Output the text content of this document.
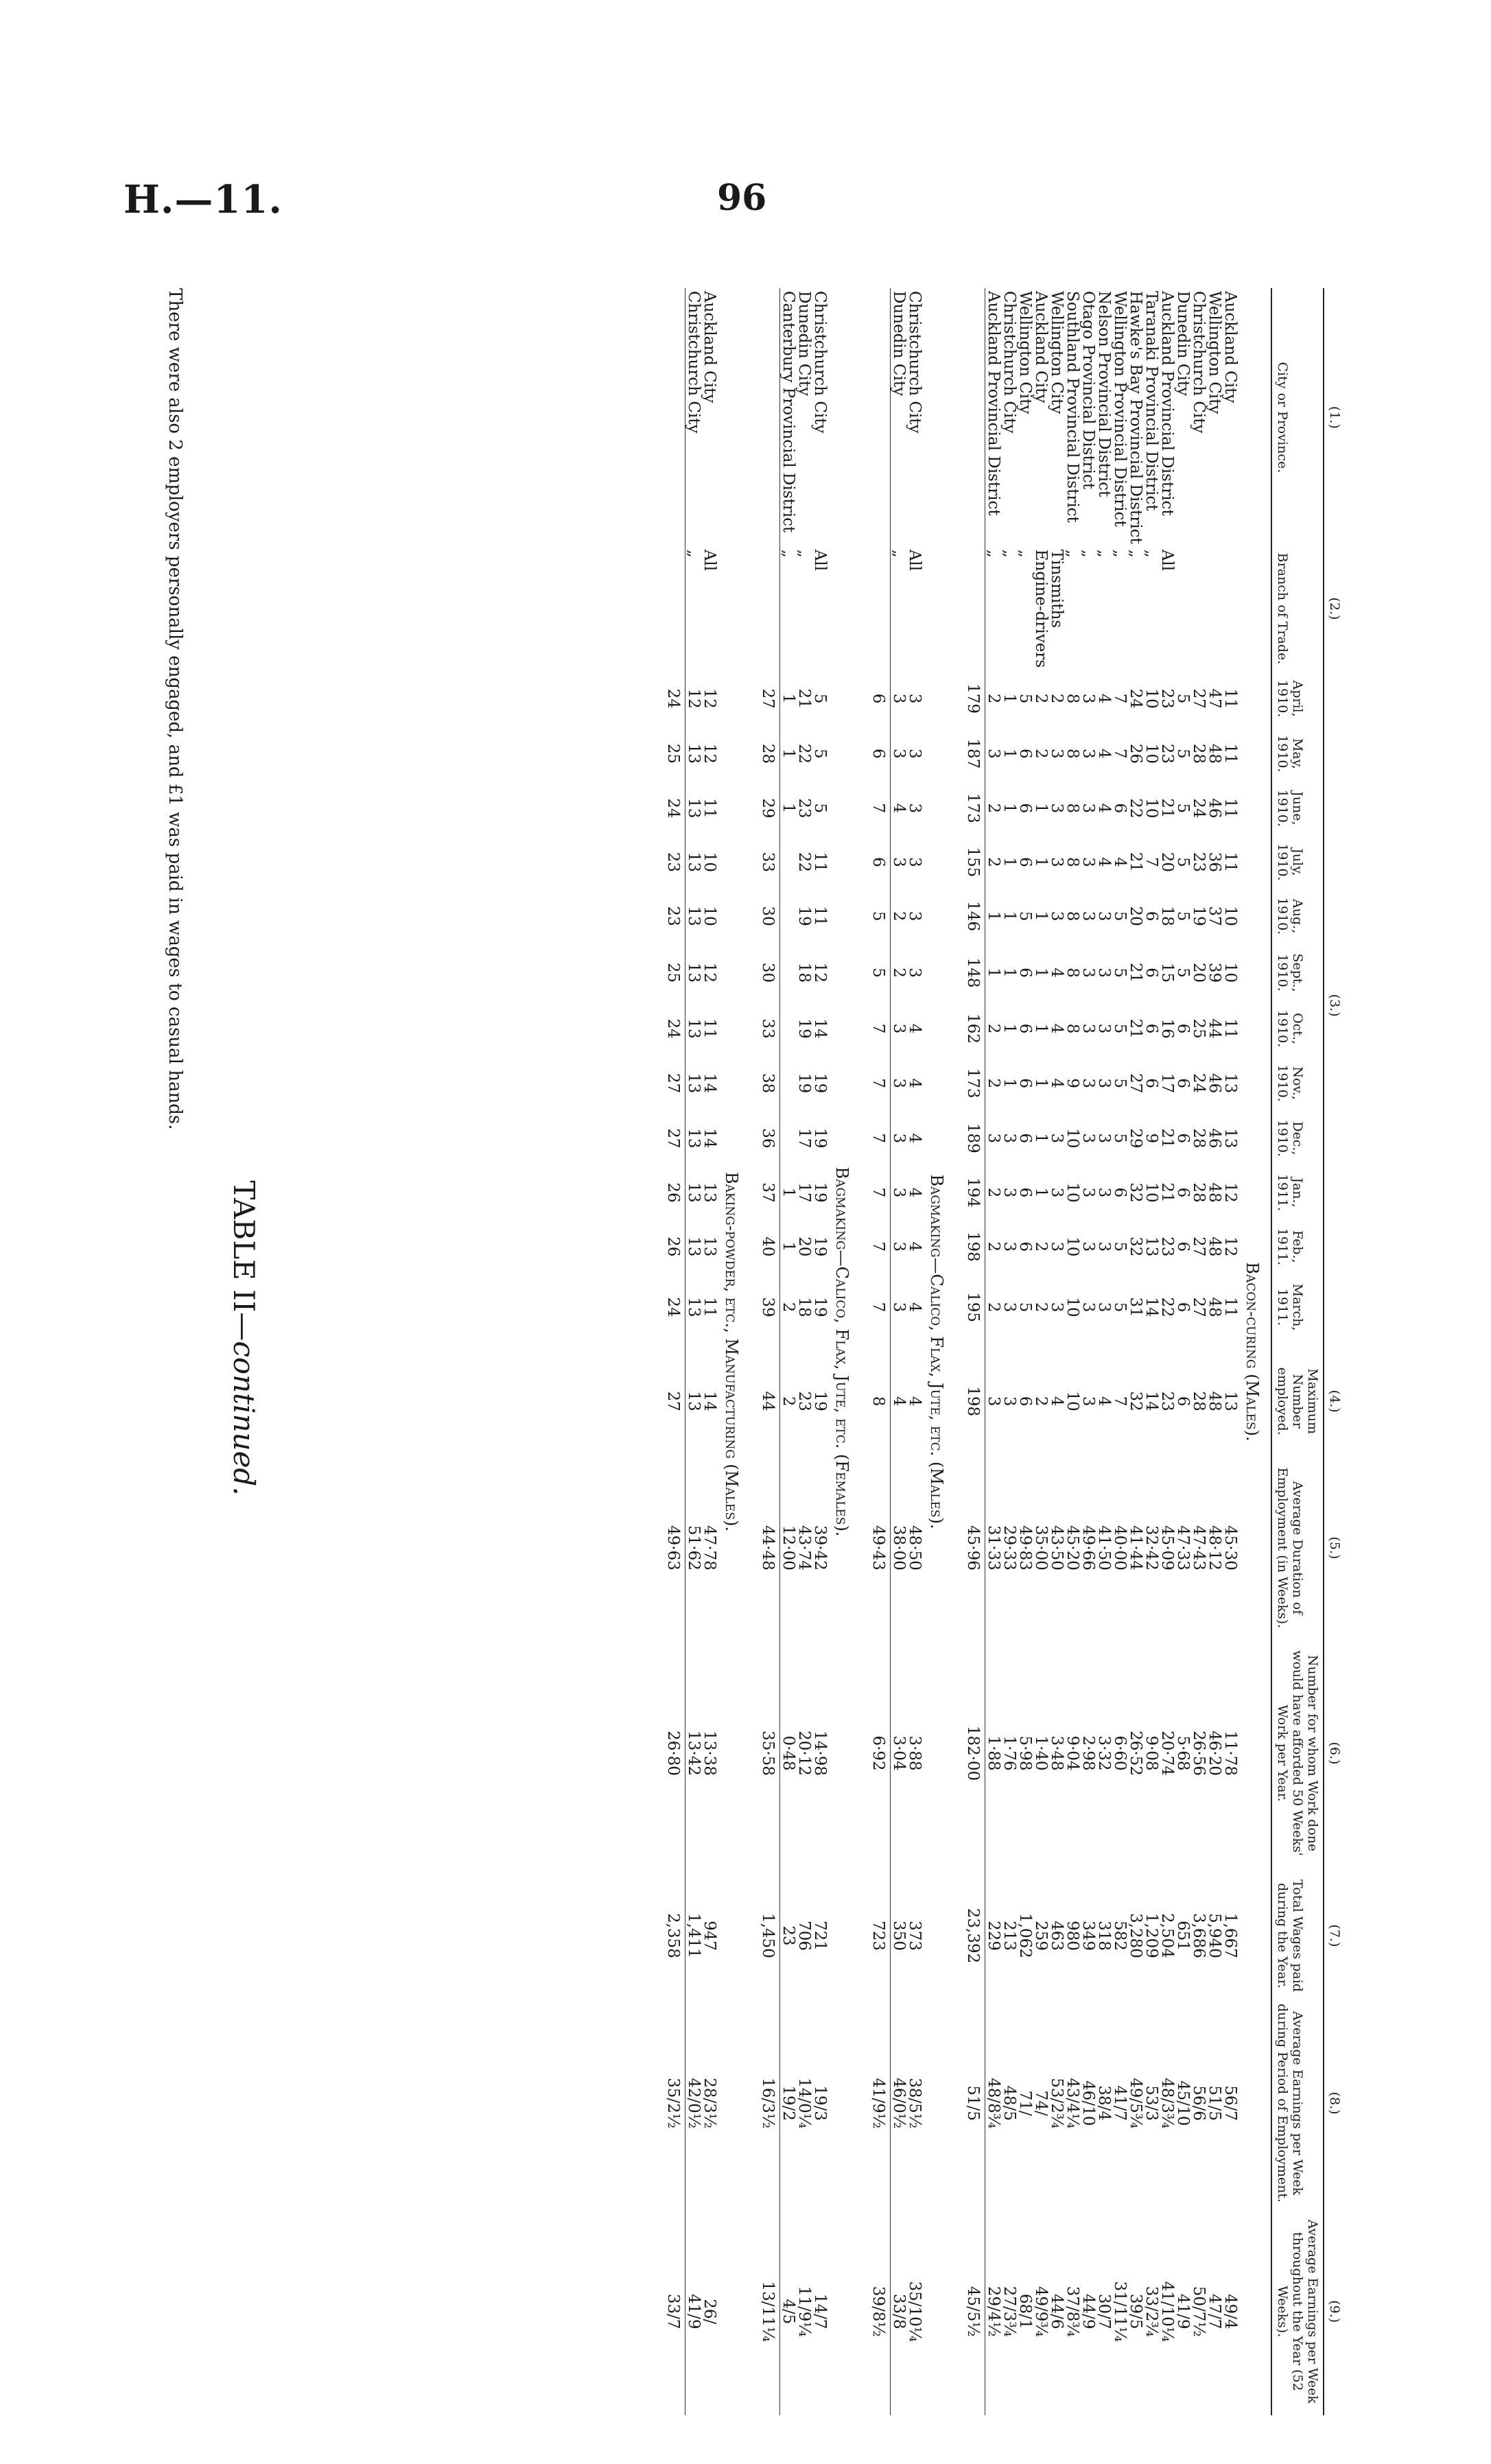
H.—11.	96
TABLE II—continued.
(1.)	(2.)	(3.)												(4.)	(5.)	(6.)	(7.)	(8.)	(9.)
City or Province.	Branch of Trade.	April, 1910.	May, 1910.	June, 1910.	July, 1910.	Aug., 1910.	Sept., 1910.	Oct., 1910.	Nov., 1910.	Dec., 1910.	Jan., 1911.	Feb., 1911.	March, 1911.	Maximum Number employed.	Average Duration of Employment (in Weeks).	Number for whom Work done would have afforded 50 Weeks' Work per Year.	Total Wages paid during the Year.	Average Earnings per Week during Period of Employment.	Average Earnings per Week throughout the Year (52 Weeks).
Bacon-curing (Males).																			
Auckland City		11	11	11	11	10	10	11	13	13	12	12	11	13	45·30	11·78	1,667	56/7	49/4
Wellington City		47	48	46	36	37	39	44	46	46	48	48	48	48	48·12	46·20	5,940	51/5	47/7
Christchurch City		27	28	24	23	19	20	25	24	28	28	27	27	28	47·43	26·56	3,686	56/6	50/7½
Dunedin City		5	5	5	5	5	5	6	6	6	6	6	6	6	47·33	5·68	651	45/10	41/9
Auckland Provincial District	All	23	23	21	20	18	15	16	17	21	21	23	22	23	45·09	20·74	2,504	48/3¾	41/10¼
Taranaki Provincial District	„	10	10	10	7	6	6	6	6	9	10	13	14	14	32·42	9·08	1,209	53/3	33/2¾
Hawke's Bay Provincial District	„	24	26	22	21	20	21	21	27	29	32	32	31	32	41·44	26·52	3,280	49/5¾	39/5
Wellington Provincial District	„	7	7	6	4	5	5	5	5	5	6	5	5	7	40·00	6·60	582	41/7	31/11¼
Nelson Provincial District	„	4	4	4	4	3	3	3	3	3	3	3	3	4	41·50	3·32	318	38/4	30/7
Otago Provincial District	„	3	3	3	3	3	3	3	3	3	3	3	3	3	49·66	2·98	349	46/10	44/9
Southland Provincial District	„	8	8	8	8	8	8	8	9	10	10	10	10	10	45·20	9·04	980	43/4¼	37/8¾
Wellington City	Tinsmiths	2	3	3	3	3	4	4	4	3	3	3	3	4	43·50	3·48	463	53/2¾	44/6
Auckland City	Engine-drivers	2	2	1	1	1	1	1	1	1	1	2	2	2	35·00	1·40	259	74/	49/9¾
Wellington City	„	5	6	6	6	5	6	6	6	6	6	6	5	6	49·83	5·98	1,062	71/	68/1
Christchurch City	„	1	1	1	1	1	1	1	1	3	3	3	3	3	29·33	1·76	213	48/5	27/3¾
Auckland Provincial District	„	2	3	2	2	1	1	2	2	3	2	2	2	3	31·33	1·88	229	48/8¾	29/4½
		179	187	173	155	146	148	162	173	189	194	198	195	198	45·96	182·00	23,392	51/5	45/5½

Bagmaking—Calico, Flax, Jute, etc. (Males).																			
Christchurch City	All	3	3	3	3	3	3	4	4	4	4	4	4	4	48·50	3·88	373	38/5½	35/10¼
Dunedin City	„	3	3	4	3	2	2	3	3	3	3	3	3	4	38·00	3·04	350	46/0½	33/8
		6	6	7	6	5	5	7	7	7	7	7	7	8	49·43	6·92	723	41/9½	39/8½

Bagmaking—Calico, Flax, Jute, etc. (Females).																			
Christchurch City	All	5	5	5	11	11	12	14	19	19	19	19	19	19	39·42	14·98	721	19/3	14/7
Dunedin City	„	21	22	23	22	19	18	19	19	17	17	20	18	23	43·74	20·12	706	14/0¼	11/9¼
Canterbury Provincial District	„	1	1	1							1	1	2	2	12·00	0·48	23	19/2	4/5
		27	28	29	33	30	30	33	38	36	37	40	39	44	44·48	35·58	1,450	16/3½	13/11¼

Baking-powder, etc., Manufacturing (Males).																			
Auckland City	All	12	12	11	10	10	12	11	14	14	13	13	11	14	47·78	13·38	947	28/3½	26/
Christchurch City	„	12	13	13	13	13	13	13	13	13	13	13	13	13	51·62	13·42	1,411	42/0½	41/9
		24	25	24	23	23	25	24	27	27	26	26	24	27	49·63	26·80	2,358	35/2½	33/7

There were also 2 employers personally engaged, and £1 was paid in wages to casual hands.
